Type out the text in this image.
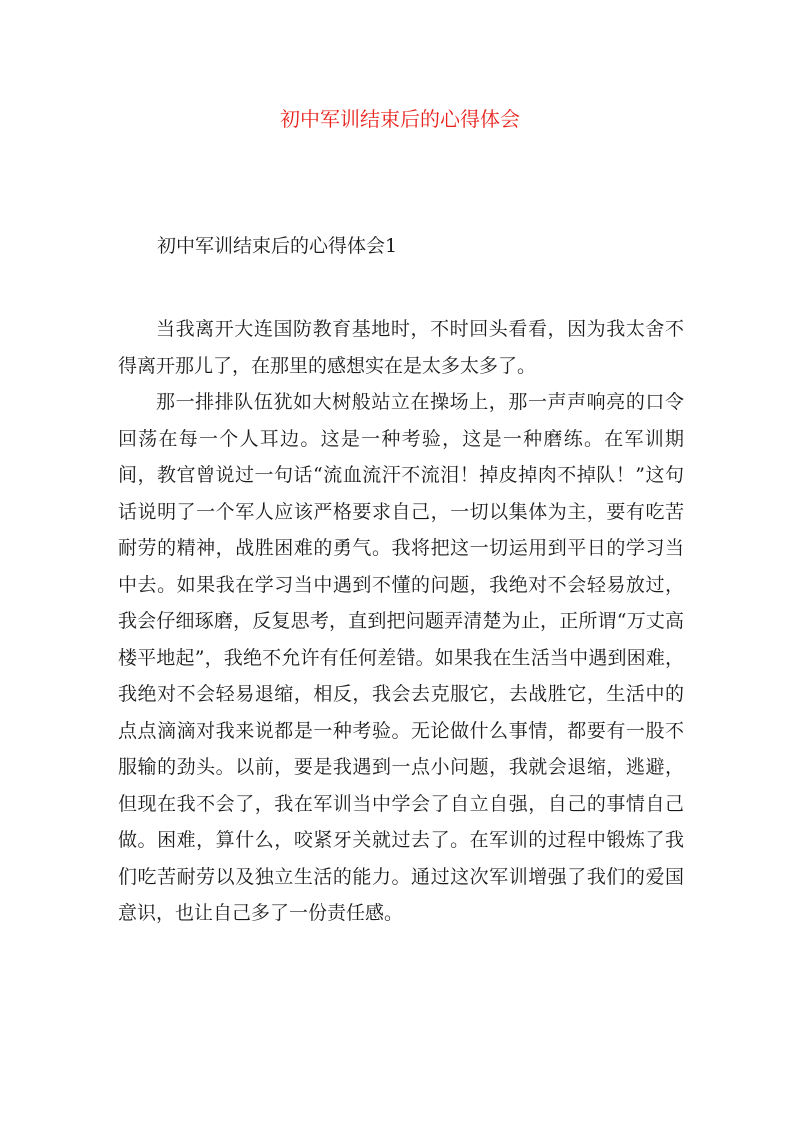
初中军训结束后的心得体会
初中军训结束后的心得体会1

当我离开大连国防教育基地时，不时回头看看，因为我太舍不得离开那儿了，在那里的感想实在是太多太多了。

那一排排队伍犹如大树般站立在操场上，那一声声响亮的口令回荡在每一个人耳边。这是一种考验，这是一种磨练。在军训期间，教官曾说过一句话“流血流汗不流泪！掉皮掉肉不掉队！”这句话说明了一个军人应该严格要求自己，一切以集体为主，要有吃苦耐劳的精神，战胜困难的勇气。我将把这一切运用到平日的学习当中去。如果我在学习当中遇到不懂的问题，我绝对不会轻易放过，我会仔细琢磨，反复思考，直到把问题弄清楚为止，正所谓“万丈高楼平地起”，我绝不允许有任何差错。如果我在生活当中遇到困难，我绝对不会轻易退缩，相反，我会去克服它，去战胜它，生活中的点点滴滴对我来说都是一种考验。无论做什么事情，都要有一股不服输的劲头。以前，要是我遇到一点小问题，我就会退缩，逃避，但现在我不会了，我在军训当中学会了自立自强，自己的事情自己做。困难，算什么，咬紧牙关就过去了。在军训的过程中锻炼了我们吃苦耐劳以及独立生活的能力。通过这次军训增强了我们的爱国意识，也让自己多了一份责任感。
